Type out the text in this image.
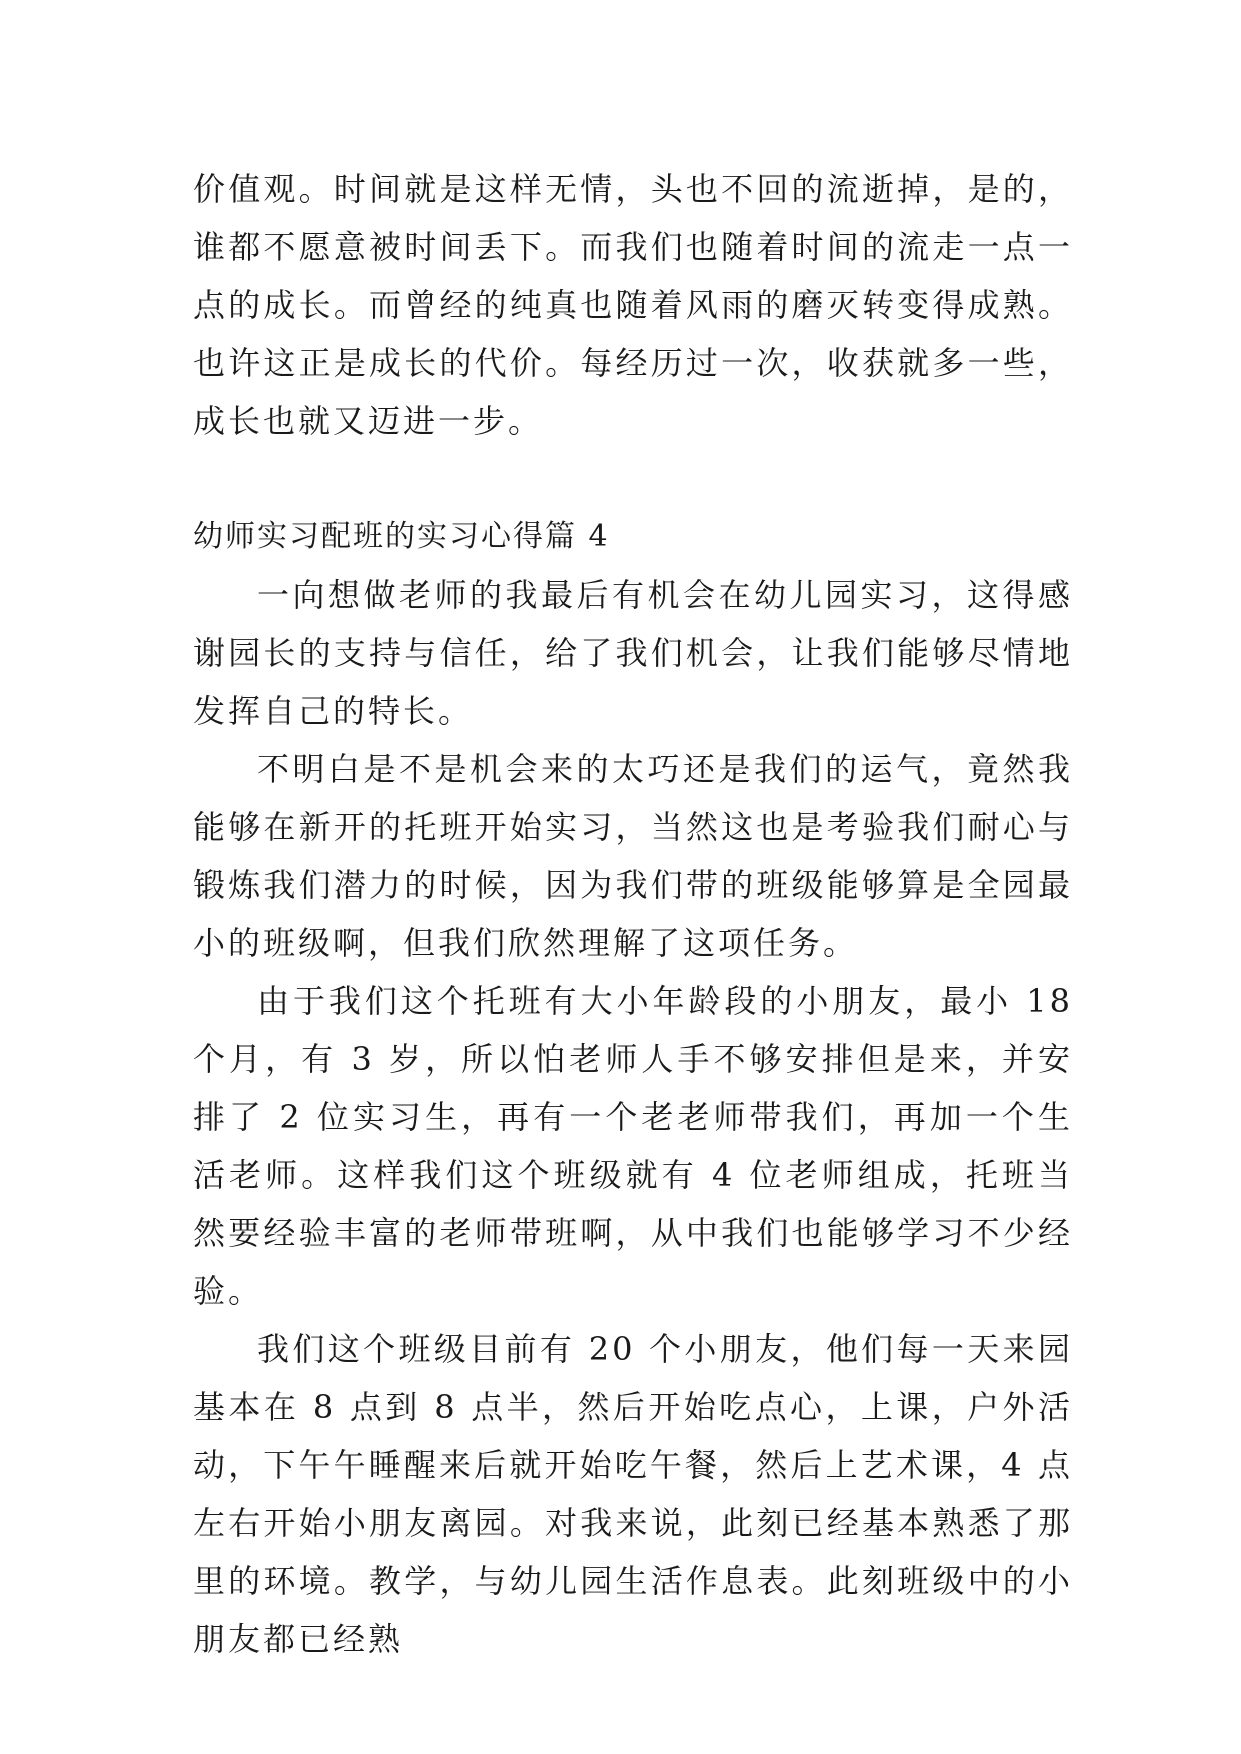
价值观。时间就是这样无情，头也不回的流逝掉，是的，谁都不愿意被时间丢下。而我们也随着时间的流走一点一点的成长。而曾经的纯真也随着风雨的磨灭转变得成熟。也许这正是成长的代价。每经历过一次，收获就多一些，成长也就又迈进一步。

幼师实习配班的实习心得篇 4

一向想做老师的我最后有机会在幼儿园实习，这得感谢园长的支持与信任，给了我们机会，让我们能够尽情地发挥自己的特长。

不明白是不是机会来的太巧还是我们的运气，竟然我能够在新开的托班开始实习，当然这也是考验我们耐心与锻炼我们潜力的时候，因为我们带的班级能够算是全园最小的班级啊，但我们欣然理解了这项任务。

由于我们这个托班有大小年龄段的小朋友，最小 18 个月，有 3 岁，所以怕老师人手不够安排但是来，并安排了 2 位实习生，再有一个老老师带我们，再加一个生活老师。这样我们这个班级就有 4 位老师组成，托班当然要经验丰富的老师带班啊，从中我们也能够学习不少经验。

我们这个班级目前有 20 个小朋友，他们每一天来园基本在 8 点到 8 点半，然后开始吃点心，上课，户外活动，下午午睡醒来后就开始吃午餐，然后上艺术课，4 点左右开始小朋友离园。对我来说，此刻已经基本熟悉了那里的环境。教学，与幼儿园生活作息表。此刻班级中的小朋友都已经熟
